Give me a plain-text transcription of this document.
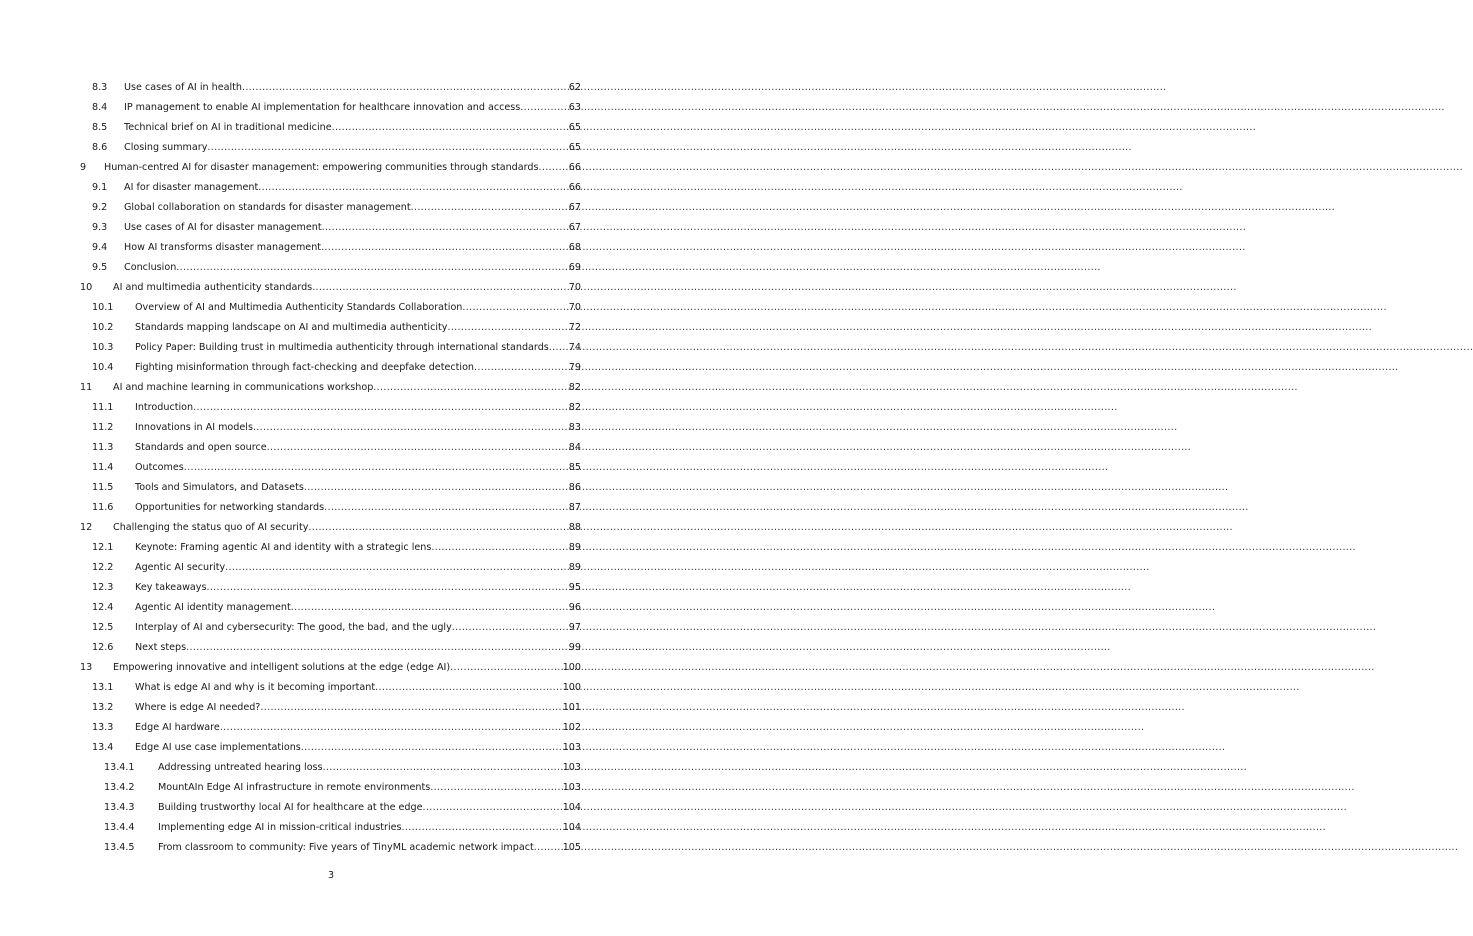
8.3 Use cases of AI in health .....	62
8.4 IP management to enable AI implementation for healthcare innovation and access .....	63
8.5 Technical brief on AI in traditional medicine .....	65
8.6 Closing summary .....	65
9 Human-centred AI for disaster management: empowering communities through standards .....	66
9.1 AI for disaster management .....	66
9.2 Global collaboration on standards for disaster management .....	67
9.3 Use cases of AI for disaster management .....	67
9.4 How AI transforms disaster management .....	68
9.5 Conclusion .....	69
10 AI and multimedia authenticity standards .....	70
10.1 Overview of AI and Multimedia Authenticity Standards Collaboration .....	70
10.2 Standards mapping landscape on AI and multimedia authenticity .....	72
10.3 Policy Paper: Building trust in multimedia authenticity through international standards ..... 74
10.4 Fighting misinformation through fact-checking and deepfake detection .....	79
11 AI and machine learning in communications workshop .....	82
11.1 Introduction .....	82
11.2 Innovations in AI models .....	83
11.3 Standards and open source .....	84
11.4 Outcomes .....	85
11.5 Tools and Simulators, and Datasets .....	86
11.6 Opportunities for networking standards .....	87
12 Challenging the status quo of AI security .....	88
12.1 Keynote: Framing agentic AI and identity with a strategic lens .....	89
12.2 Agentic AI security .....	89
12.3 Key takeaways .....	95
12.4 Agentic AI identity management .....	96
12.5 Interplay of AI and cybersecurity: The good, the bad, and the ugly .....	97
12.6 Next steps .....	99
13 Empowering innovative and intelligent solutions at the edge (edge AI) .....	100
13.1 What is edge AI and why is it becoming important .....	100
13.2 Where is edge AI needed? .....	101
13.3 Edge AI hardware .....	102
13.4 Edge AI use case implementations .....	103
13.4.1 Addressing untreated hearing loss .....	103
13.4.2 MountAIn Edge AI infrastructure in remote environments .....	103
13.4.3 Building trustworthy local AI for healthcare at the edge .....	104
13.4.4 Implementing edge AI in mission-critical industries .....	104
13.4.5 From classroom to community: Five years of TinyML academic network impact .....	105
3
